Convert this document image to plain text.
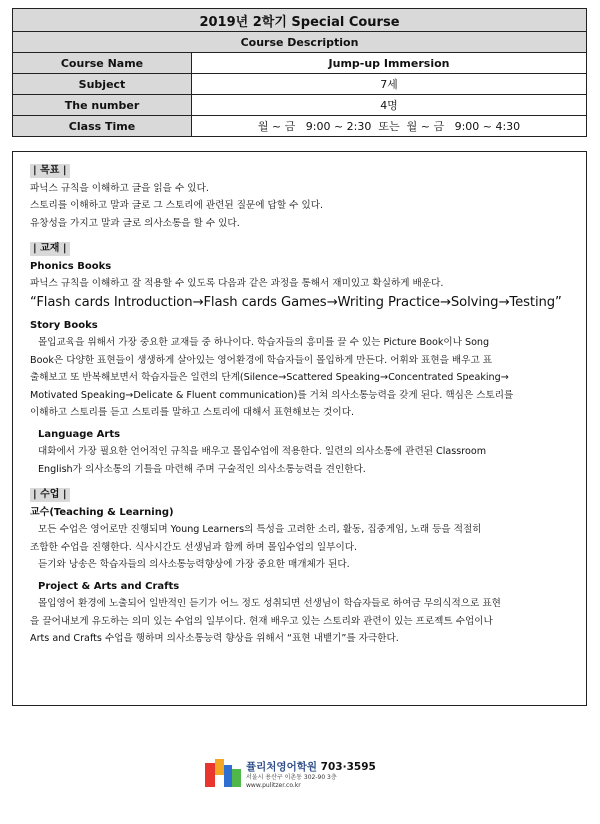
2019년 2학기 Special Course
Course Description
Course Name	Jump-up Immersion
Subject	7세
The number	4명
Class Time	월 ~ 금   9:00 ~ 2:30  또는  월 ~ 금   9:00 ~ 4:30
| 목표 |

파닉스 규칙을 이해하고 글을 읽을 수 있다.

스토리를 이해하고 말과 글로 그 스토리에 관련된 질문에 답할 수 있다.

유창성을 가지고 말과 글로 의사소통을 할 수 있다.

| 교재 |
Phonics Books

파닉스 규칙을 이해하고 잘 적용할 수 있도록 다음과 같은 과정을 통해서 재미있고 확실하게 배운다.

“Flash cards Introduction→Flash cards Games→Writing Practice→Solving→Testing”
Story Books

몰입교육을 위해서 가장 중요한 교재들 중 하나이다. 학습자들의 흥미를 끌 수 있는 Picture Book이나 Song

Book은 다양한 표현들이 생생하게 살아있는 영어환경에 학습자들이 몰입하게 만든다. 어휘와 표현을 배우고 표

출해보고 또 반복해보면서 학습자들은 일련의 단계(Silence→Scattered Speaking→Concentrated Speaking→

Motivated Speaking→Delicate & Fluent communication)를 거쳐 의사소통능력을 갖게 된다. 핵심은 스토리를

이해하고 스토리를 듣고 스토리를 말하고 스토리에 대해서 표현해보는 것이다.

Language Arts

대화에서 가장 필요한 언어적인 규칙을 배우고 몰입수업에 적용한다. 일련의 의사소통에 관련된 Classroom

English가 의사소통의 기틀을 마련해 주며 구술적인 의사소통능력을 견인한다.

| 수업 |
교수(Teaching & Learning)

모든 수업은 영어로만 진행되며 Young Learners의 특성을 고려한 소리, 활동, 집중게임, 노래 등을 적절히

조합한 수업을 진행한다. 식사시간도 선생님과 함께 하며 몰입수업의 일부이다.

듣기와 낭송은 학습자들의 의사소통능력향상에 가장 중요한 매개체가 된다.

Project & Arts and Crafts

몰입영어 환경에 노출되어 일반적인 듣기가 어느 정도 성취되면 선생님이 학습자들로 하여금 무의식적으로 표현

을 끌어내보게 유도하는 의미 있는 수업의 일부이다. 현재 배우고 있는 스토리와 관련이 있는 프로젝트 수업이나

Arts and Crafts 수업을 행하며 의사소통능력 향상을 위해서 “표현 내뱉기”를 자극한다.

퓰리처영어학원 703·3595
서울시 용산구 이촌동 302-90 3층
www.pulitzer.co.kr
